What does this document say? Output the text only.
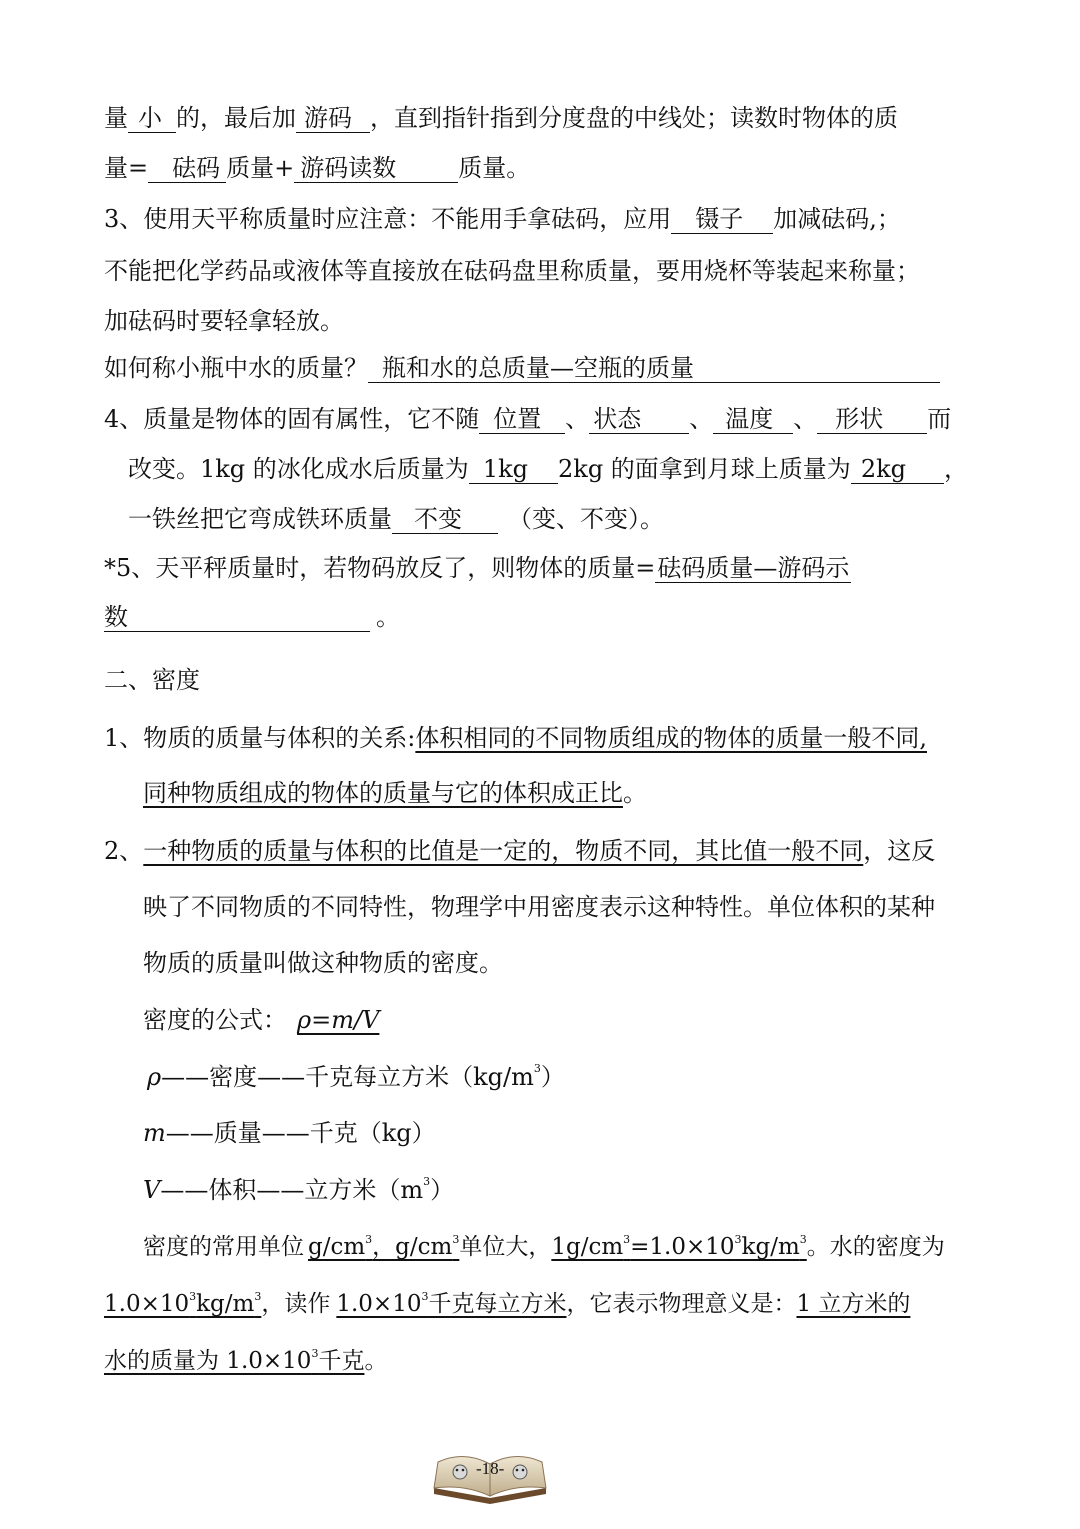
量 小 的，最后加 游码 ，直到指针指到分度盘的中线处；读数时物体的质
量= 砝码 质量+ 游码读数	质量。
3、使用天平称质量时应注意：不能用手拿砝码，应用 镊子 加减砝码,；
不能把化学药品或液体等直接放在砝码盘里称质量，要用烧杯等装起来称量；
加砝码时要轻拿轻放。
如何称小瓶中水的质量？ 瓶和水的总质量—空瓶的质量
4、质量是物体的固有属性，它不随 位置 、 状态 、 温度 、 形状 而
改变。1kg 的冰化成水后质量为 1kg 2kg 的面拿到月球上质量为 2kg ，
一铁丝把它弯成铁环质量 不变 （变、不变）。
*5、天平秤质量时，若物码放反了，则物体的质量=砝码质量—游码示
数	。
二、密度
1、物质的质量与体积的关系:体积相同的不同物质组成的物体的质量一般不同,
同种物质组成的物体的质量与它的体积成正比。
2、一种物质的质量与体积的比值是一定的，物质不同，其比值一般不同，这反
映了不同物质的不同特性，物理学中用密度表示这种特性。单位体积的某种
物质的质量叫做这种物质的密度。
密度的公式： ρ=m/V
ρ——密度——千克每立方米$(kg/m^3)$
m——质量——千克（kg）
V——体积——立方米$(m^3)$
密度的常用单位 $g/cm^3$，$g/cm^3$单位大，$1g/cm^3=1.0\times 10^3kg/m^3$。水的密度为
$1.0\times 10^3kg/m^3$，读作 $1.0\times 10^3$千克每立方米，它表示物理意义是：1 立方米的
水的质量为 $1.0\times 10^3$千克。
-18-
